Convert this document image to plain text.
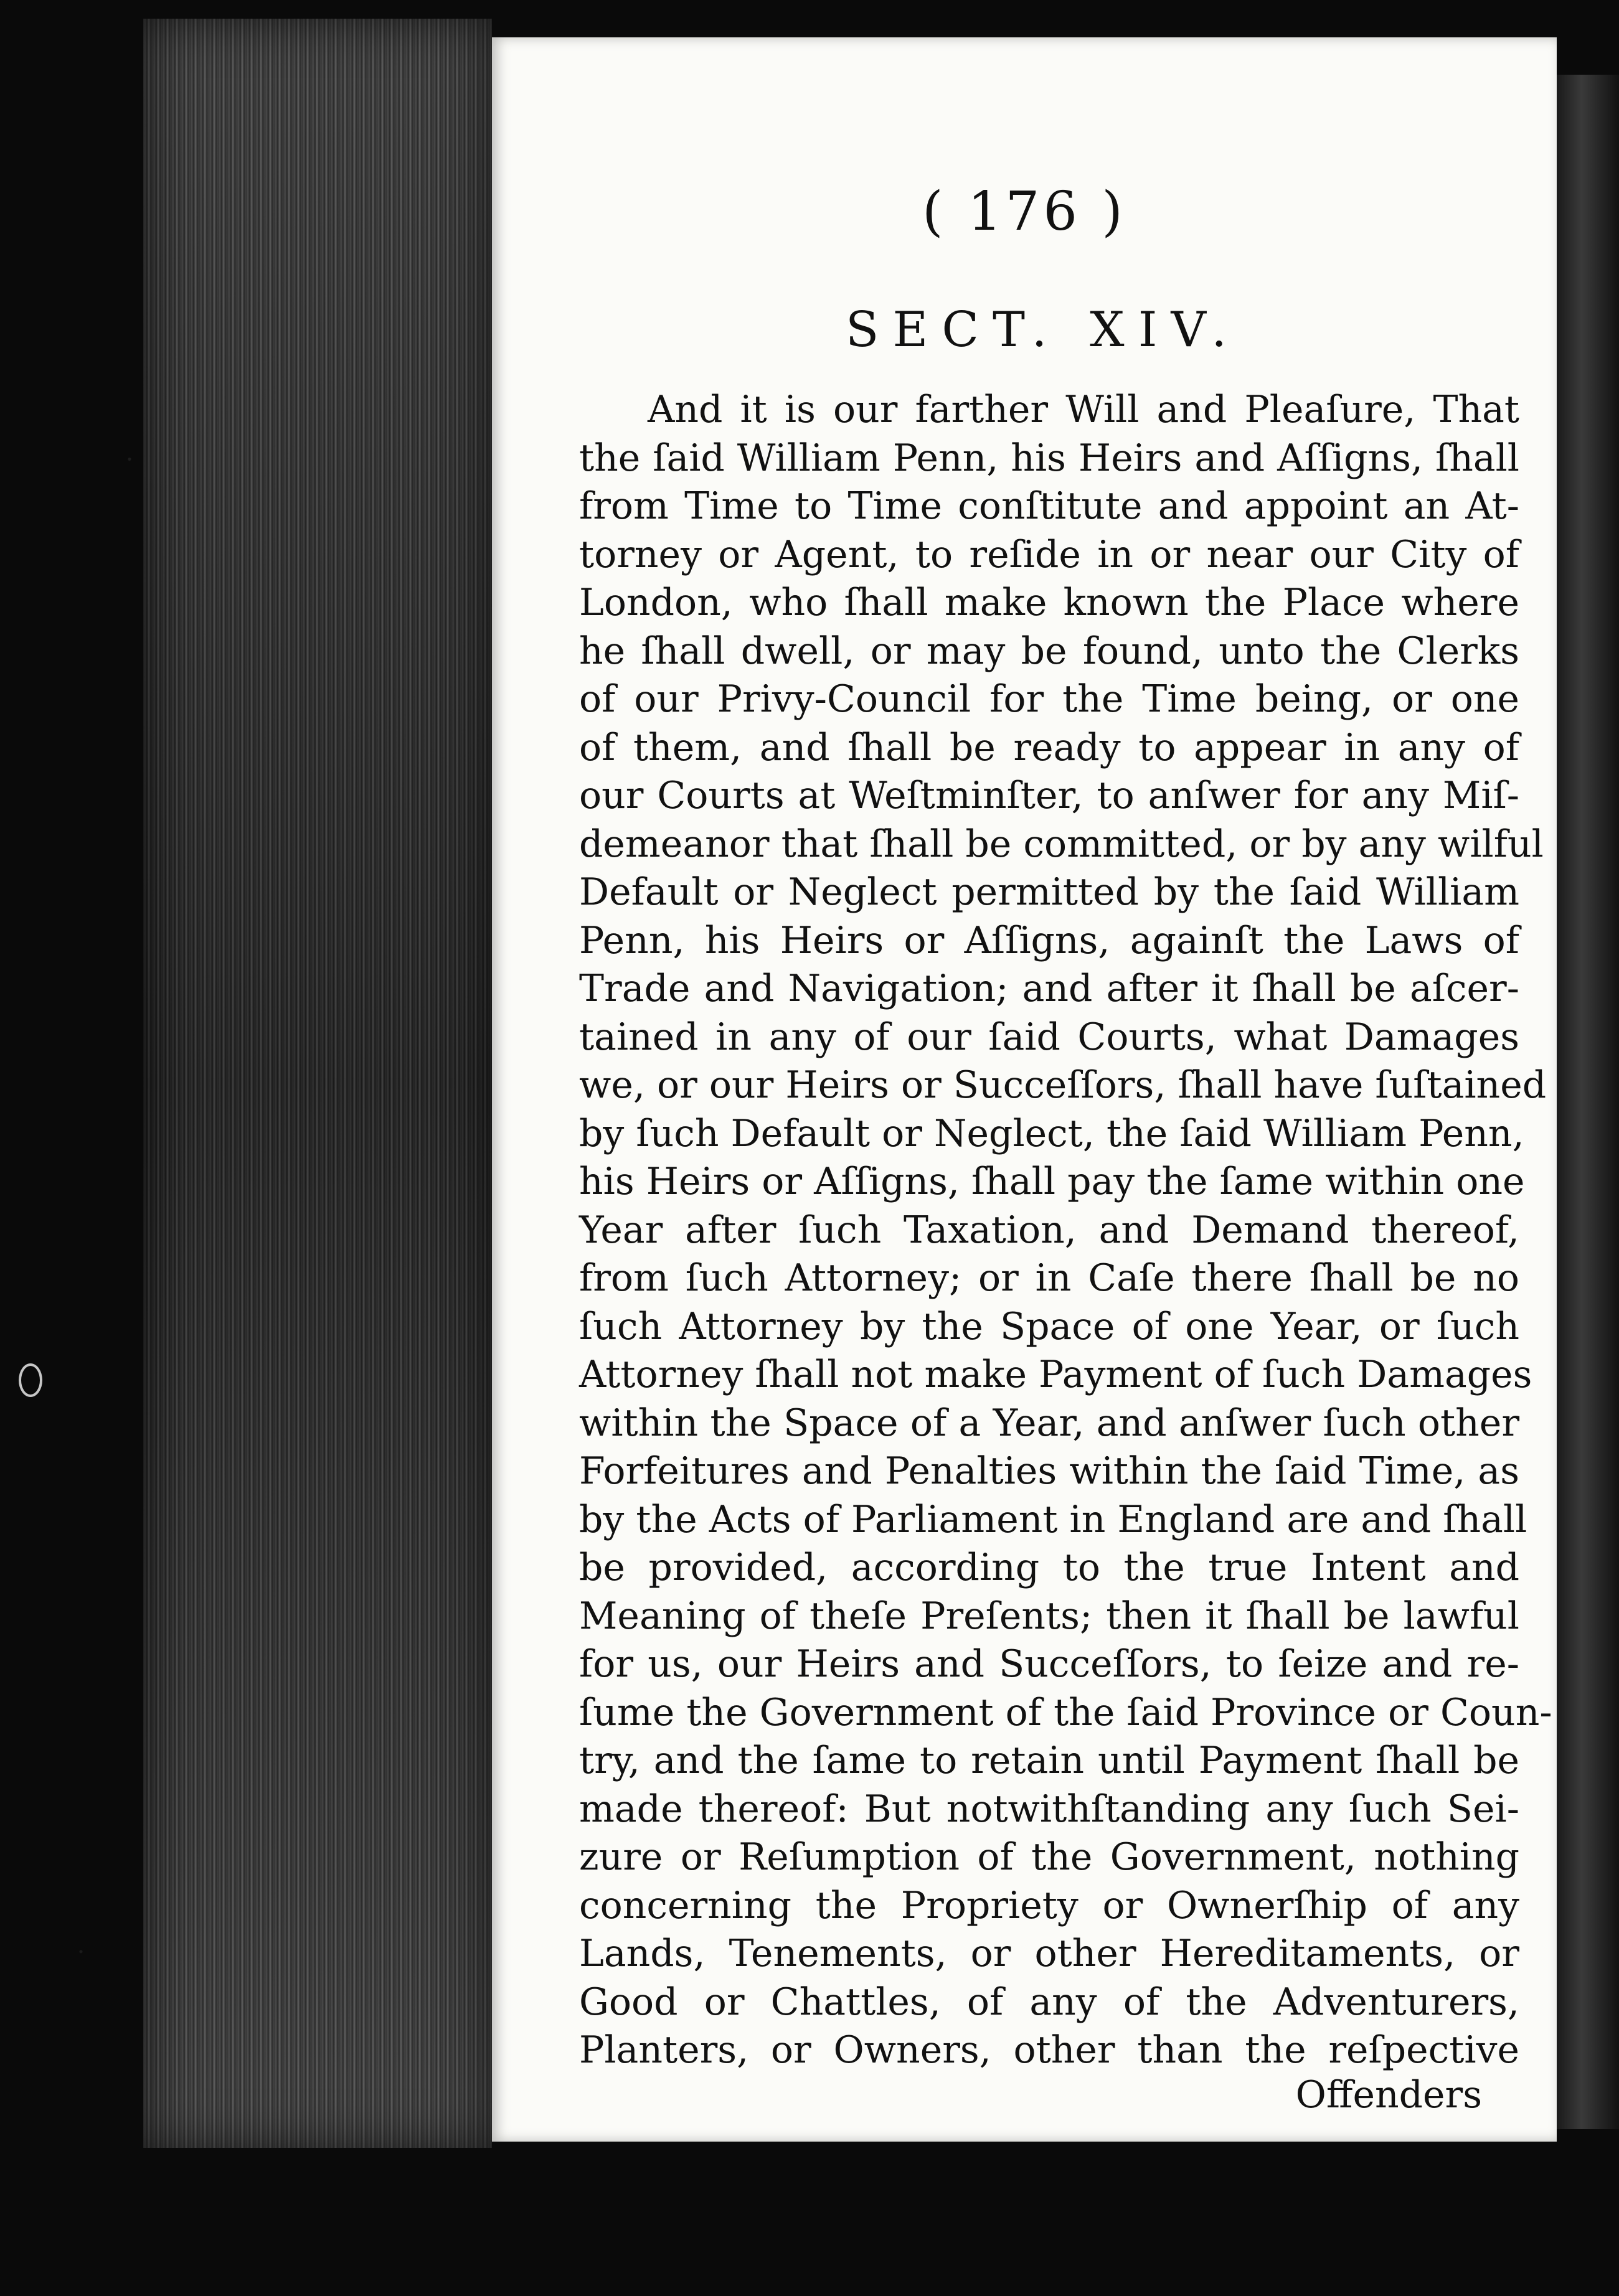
( 176 )
SECT. XIV.
And it is our farther Will and Pleaſure, That
the ſaid William Penn, his Heirs and Aſſigns, ſhall
from Time to Time conſtitute and appoint an At-
torney or Agent, to reſide in or near our City of
London, who ſhall make known the Place where
he ſhall dwell, or may be found, unto the Clerks
of our Privy-Council for the Time being, or one
of them, and ſhall be ready to appear in any of
our Courts at Weſtminſter, to anſwer for any Miſ-
demeanor that ſhall be committed, or by any wilful
Default or Neglect permitted by the ſaid William
Penn, his Heirs or Aſſigns, againſt the Laws of
Trade and Navigation; and after it ſhall be aſcer-
tained in any of our ſaid Courts, what Damages
we, or our Heirs or Succeſſors, ſhall have ſuſtained
by ſuch Default or Neglect, the ſaid William Penn,
his Heirs or Aſſigns, ſhall pay the ſame within one
Year after ſuch Taxation, and Demand thereof,
from ſuch Attorney; or in Caſe there ſhall be no
ſuch Attorney by the Space of one Year, or ſuch
Attorney ſhall not make Payment of ſuch Damages
within the Space of a Year, and anſwer ſuch other
Forfeitures and Penalties within the ſaid Time, as
by the Acts of Parliament in England are and ſhall
be provided, according to the true Intent and
Meaning of theſe Preſents; then it ſhall be lawful
for us, our Heirs and Succeſſors, to ſeize and re-
ſume the Government of the ſaid Province or Coun-
try, and the ſame to retain until Payment ſhall be
made thereof: But notwithſtanding any ſuch Sei-
zure or Reſumption of the Government, nothing
concerning the Propriety or Ownerſhip of any
Lands, Tenements, or other Hereditaments, or
Good or Chattles, of any of the Adventurers,
Planters, or Owners, other than the reſpective
Offenders
